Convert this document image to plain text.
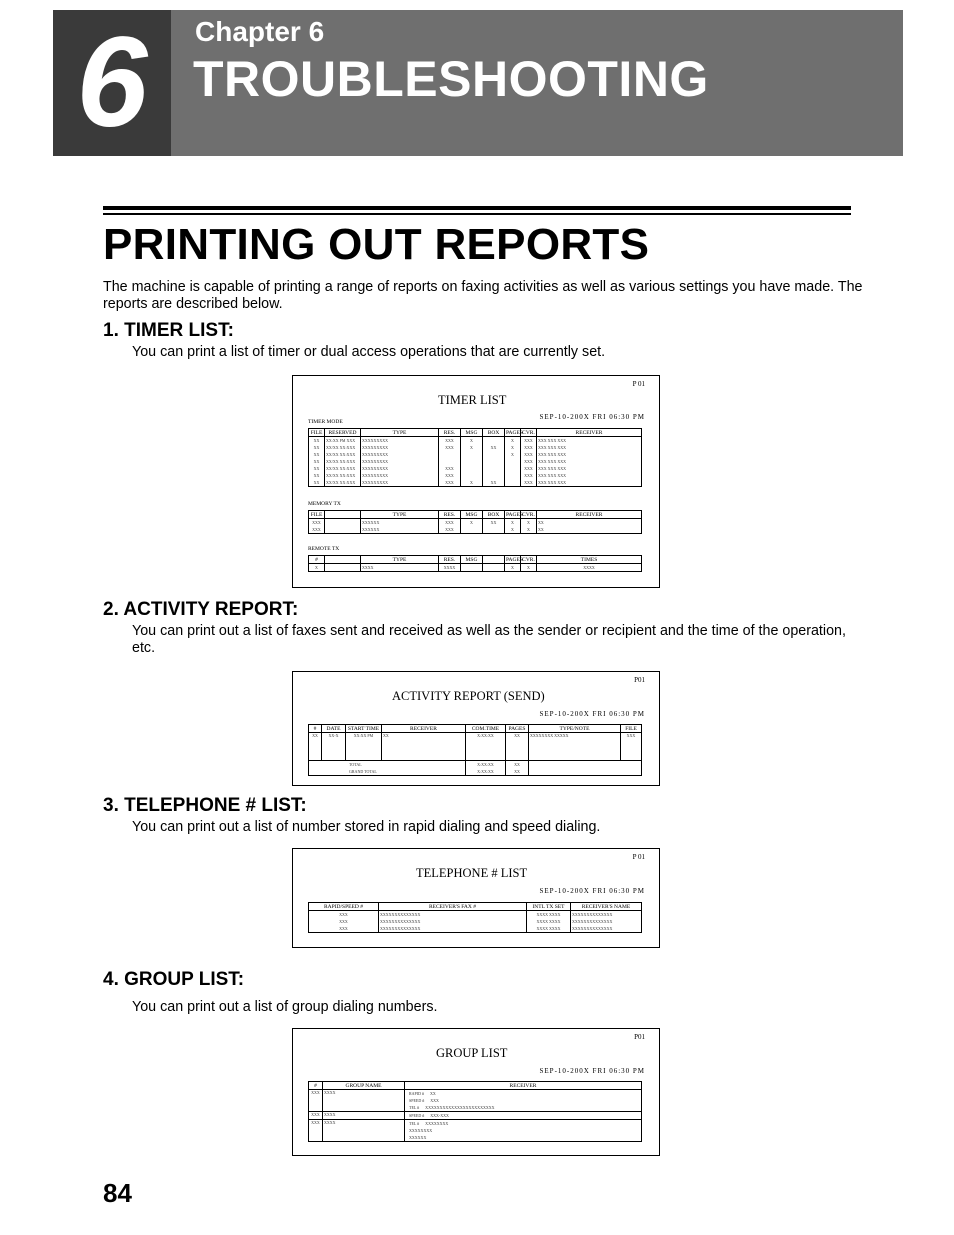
6	Chapter 6
TROUBLESHOOTING
PRINTING OUT REPORTS
The machine is capable of printing a range of reports on faxing activities as well as various settings you have made. The reports are described below.
1. TIMER LIST:
You can print a list of timer or dual access operations that are currently set.
P 01
TIMER LIST
SEP-10-200X FRI 06:30 PM
TIMER MODE
FILE	RESERVED	TYPE	RES.	MSG	BOX	PAGES	CVR.	RECEIVER
XX	XX:XX PM XXX	XXXXXXXXX	XXX	X		X	XXX	XXX XXX XXX
XX	XX/XX XX:XXX	XXXXXXXXX	XXX	X	XX	X	XXX	XXX XXX XXX
XX	XX/XX XX:XXX	XXXXXXXXX				X	XXX	XXX XXX XXX
XX	XX/XX XX:XXX	XXXXXXXXX					XXX	XXX XXX XXX
XX	XX/XX XX:XXX	XXXXXXXXX	XXX				XXX	XXX XXX XXX
XX	XX/XX XX:XXX	XXXXXXXXX	XXX				XXX	XXX XXX XXX
XX	XX/XX XX:XXX	XXXXXXXXX	XXX	X	XX		XXX	XXX XXX XXX
MEMORY TX
FILE		TYPE	RES.	MSG	BOX	PAGES	CVR.	RECEIVER
XXX		XXXXXX	XXX	X	XX	X	X	XX
XXX		XXXXXX	XXX			X	X	XX
REMOTE TX
#		TYPE	RES.	MSG		PAGES	CVR.	TIMES
X		XXXX	XXXX			X	X	XXXX
2. ACTIVITY REPORT:
You can print out a list of faxes sent and received as well as the sender or recipient and the time of the operation, etc.
P01
ACTIVITY REPORT (SEND)
SEP-10-200X FRI 06:30 PM
#	DATE	START TIME	RECEIVER	COM.TIME	PAGES	TYPE/NOTE	FILE
XX	XX-X	XX:XX PM	XX	X:XX:XX	XX	XXXXXXXX XXXXX	XXX
TOTAL				X:XX:XX	XX		
GRAND TOTAL				X:XX:XX	XX		
3. TELEPHONE # LIST:
You can print out a list of number stored in rapid dialing and speed dialing.
P 01
TELEPHONE # LIST
SEP-10-200X FRI 06:30 PM
RAPID/SPEED #	RECEIVER'S FAX #	INTL TX SET	RECEIVER'S NAME
XXX	XXXXXXXXXXXXXX	XXXX XXXX	XXXXXXXXXXXXXX
XXX	XXXXXXXXXXXXXX	XXXX XXXX	XXXXXXXXXXXXXX
XXX	XXXXXXXXXXXXXX	XXXX XXXX	XXXXXXXXXXXXXX
4. GROUP LIST:
You can print out a list of group dialing numbers.
P01
GROUP LIST
SEP-10-200X FRI 06:30 PM
#	GROUP NAME	RECEIVER
XXX	XXXX	RAPID #      XX
SPEED #      XXX
TEL #      XXXXXXXXXXXXXXXXXXXXXXXX

XXX	XXXX	SPEED #      XXX-XXX

XXX	XXXX	TEL #      XXXXXXXX
XXXXXXXX
XXXXXX
84
